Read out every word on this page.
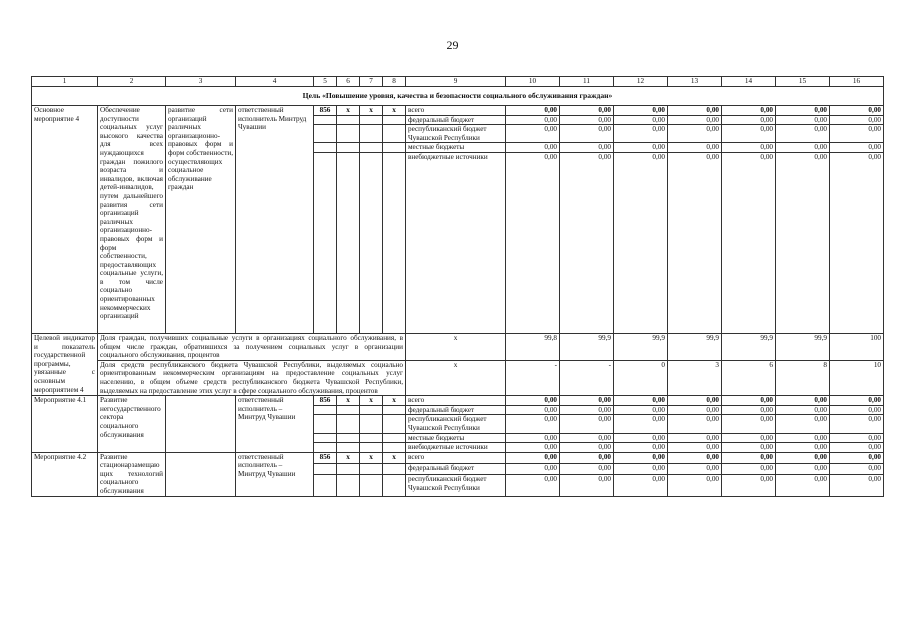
29
1	2	3	4	5	6	7	8	9	10	11	12	13	14	15	16
Цель «Повышение уровня, качества и безопасности социального обслуживания граждан»															
Основное мероприятие 4	Обеспечение доступности социальных услуг высокого качества для всех нуждающихся граждан пожилого возраста и инвалидов, включая детей-инвалидов, путем дальнейшего развития сети организаций различных организационно-правовых форм и форм собственности, предоставляющих социальные услуги, в том числе социально ориентированных некоммерческих организаций	развитие сети организаций различных организационно-правовых форм и форм собственности, осуществляющих социальное обслуживание граждан	ответственный исполнитель Минтруд Чувашии	856	x	x	x	всего	0,00	0,00	0,00	0,00	0,00	0,00	0,00
								федеральный бюджет	0,00	0,00	0,00	0,00	0,00	0,00	0,00
								республиканский бюджет Чувашской Республики	0,00	0,00	0,00	0,00	0,00	0,00	0,00
								местные бюджеты	0,00	0,00	0,00	0,00	0,00	0,00	0,00
								внебюджетные источники	0,00	0,00	0,00	0,00	0,00	0,00	0,00
Целевой индикатор и показатель государственной программы, увязанные с основным мероприятием 4	Доля граждан, получивших социальные услуги в организациях социального обслуживания, в общем числе граждан, обратившихся за получением социальных услуг в организации социального обслуживания, процентов							x	99,8	99,9	99,9	99,9	99,9	99,9	100
	Доля средств республиканского бюджета Чувашской Республики, выделяемых социально ориентированным некоммерческим организациям на предоставление социальных услуг населению, в общем объеме средств республиканского бюджета Чувашской Республики, выделяемых на предоставление этих услуг в сфере социального обслуживания, процентов							x	-	-	0	3	6	8	10
Мероприятие 4.1	Развитие негосударственного сектора социального обслуживания		ответственный исполнитель – Минтруд Чувашии	856	x	x	x	всего	0,00	0,00	0,00	0,00	0,00	0,00	0,00
								федеральный бюджет	0,00	0,00	0,00	0,00	0,00	0,00	0,00
								республиканский бюджет Чувашской Республики	0,00	0,00	0,00	0,00	0,00	0,00	0,00
								местные бюджеты	0,00	0,00	0,00	0,00	0,00	0,00	0,00
								внебюджетные источники	0,00	0,00	0,00	0,00	0,00	0,00	0,00
Мероприятие 4.2	Развитие стационарзамещающих технологий социального обслуживания		ответственный исполнитель – Минтруд Чувашии	856	x	x	x	всего	0,00	0,00	0,00	0,00	0,00	0,00	0,00
								федеральный бюджет	0,00	0,00	0,00	0,00	0,00	0,00	0,00
								республиканский бюджет Чувашской Республики	0,00	0,00	0,00	0,00	0,00	0,00	0,00
